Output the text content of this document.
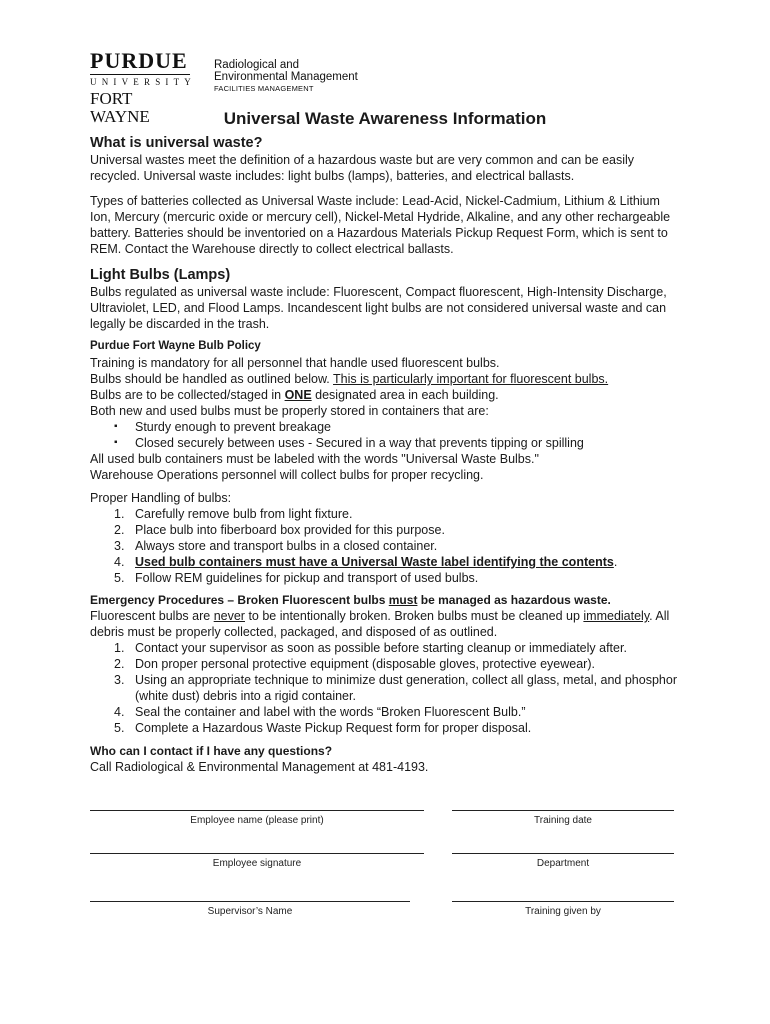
PURDUE
UNIVERSITY
FORT WAYNE
Radiological and Environmental Management
FACILITIES MANAGEMENT
Universal Waste Awareness Information
What is universal waste?

Universal wastes meet the definition of a hazardous waste but are very common and can be easily recycled. Universal waste includes: light bulbs (lamps), batteries, and electrical ballasts.

Types of batteries collected as Universal Waste include: Lead-Acid, Nickel-Cadmium, Lithium & Lithium Ion, Mercury (mercuric oxide or mercury cell), Nickel-Metal Hydride, Alkaline, and any other rechargeable battery. Batteries should be inventoried on a Hazardous Materials Pickup Request Form, which is sent to REM. Contact the Warehouse directly to collect electrical ballasts.

Light Bulbs (Lamps)

Bulbs regulated as universal waste include: Fluorescent, Compact fluorescent, High-Intensity Discharge, Ultraviolet, LED, and Flood Lamps. Incandescent light bulbs are not considered universal waste and can legally be discarded in the trash.

Purdue Fort Wayne Bulb Policy

Training is mandatory for all personnel that handle used fluorescent bulbs.

Bulbs should be handled as outlined below. This is particularly important for fluorescent bulbs.

Bulbs are to be collected/staged in ONE designated area in each building.

Both new and used bulbs must be properly stored in containers that are:

▪ Sturdy enough to prevent breakage
▪ Closed securely between uses - Secured in a way that prevents tipping or spilling

All used bulb containers must be labeled with the words "Universal Waste Bulbs."

Warehouse Operations personnel will collect bulbs for proper recycling.

Proper Handling of bulbs:

1. Carefully remove bulb from light fixture.
2. Place bulb into fiberboard box provided for this purpose.
3. Always store and transport bulbs in a closed container.
4. Used bulb containers must have a Universal Waste label identifying the contents.
5. Follow REM guidelines for pickup and transport of used bulbs.
Emergency Procedures – Broken Fluorescent bulbs must be managed as hazardous waste.

Fluorescent bulbs are never to be intentionally broken. Broken bulbs must be cleaned up immediately. All debris must be properly collected, packaged, and disposed of as outlined.

1. Contact your supervisor as soon as possible before starting cleanup or immediately after.
2. Don proper personal protective equipment (disposable gloves, protective eyewear).
3. Using an appropriate technique to minimize dust generation, collect all glass, metal, and phosphor (white dust) debris into a rigid container.
4. Seal the container and label with the words “Broken Fluorescent Bulb.”
5. Complete a Hazardous Waste Pickup Request form for proper disposal.
Who can I contact if I have any questions?

Call Radiological & Environmental Management at 481-4193.

Employee name (please print)	Training date
Employee signature	Department
Supervisor’s Name	Training given by
